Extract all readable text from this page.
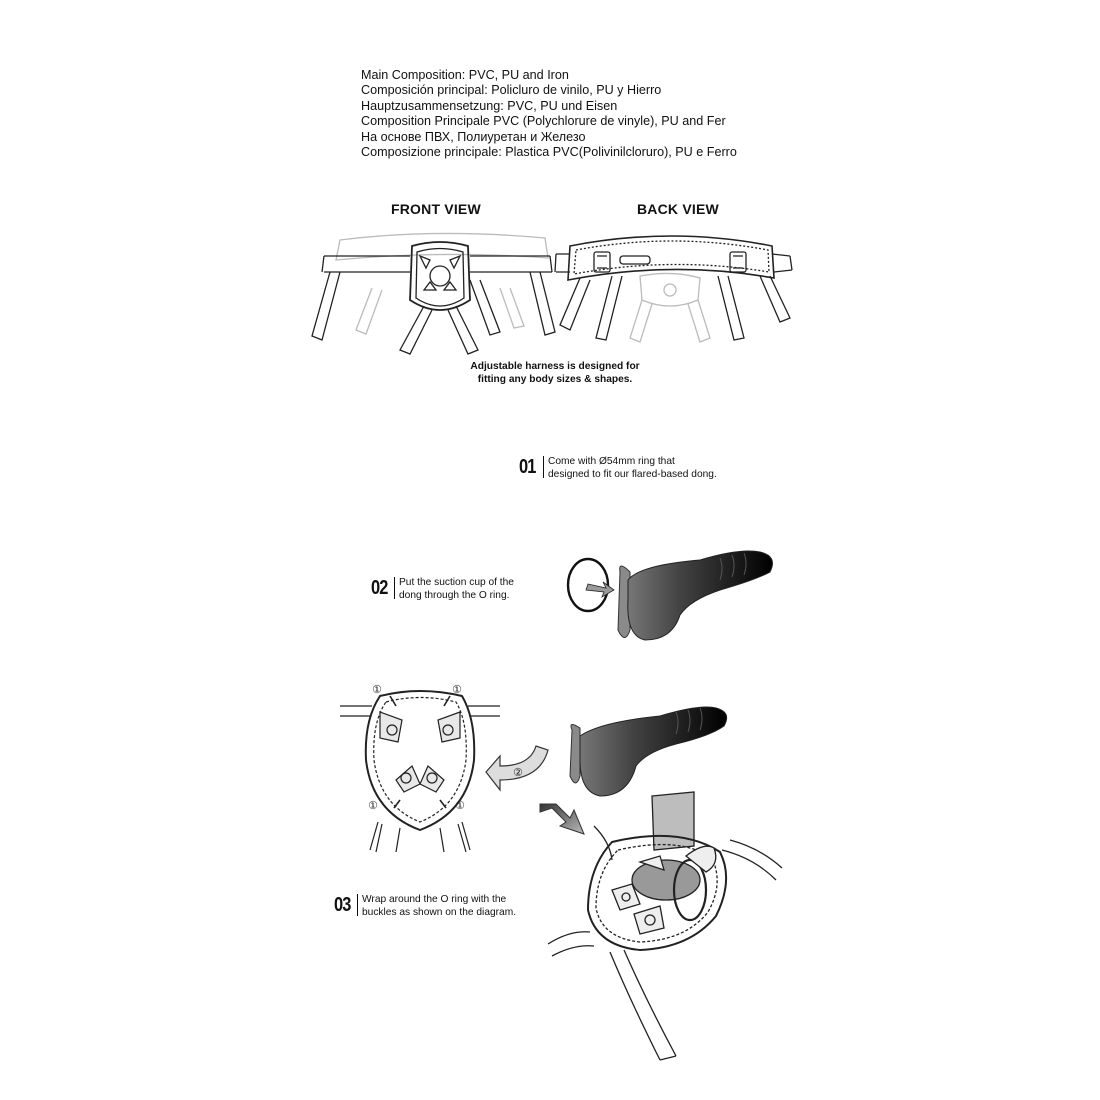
Main Composition: PVC, PU and Iron
Composición principal: Policluro de vinilo, PU y Hierro
Hauptzusammensetzung: PVC, PU und Eisen
Composition Principale PVC (Polychlorure de vinyle), PU and Fer
На основе ПВХ, Полиуретан и Железо
Composizione principale: Plastica PVC(Polivinilcloruro), PU e Ferro
FRONT VIEW	BACK VIEW
Adjustable harness is designed for
fitting any body sizes & shapes.
01 Come with Ø54mm ring that
designed to fit our flared-based dong.
02 Put the suction cup of the
dong through the O ring.
03 Wrap around the O ring with the
buckles as shown on the diagram.
①	①
①	①
②
